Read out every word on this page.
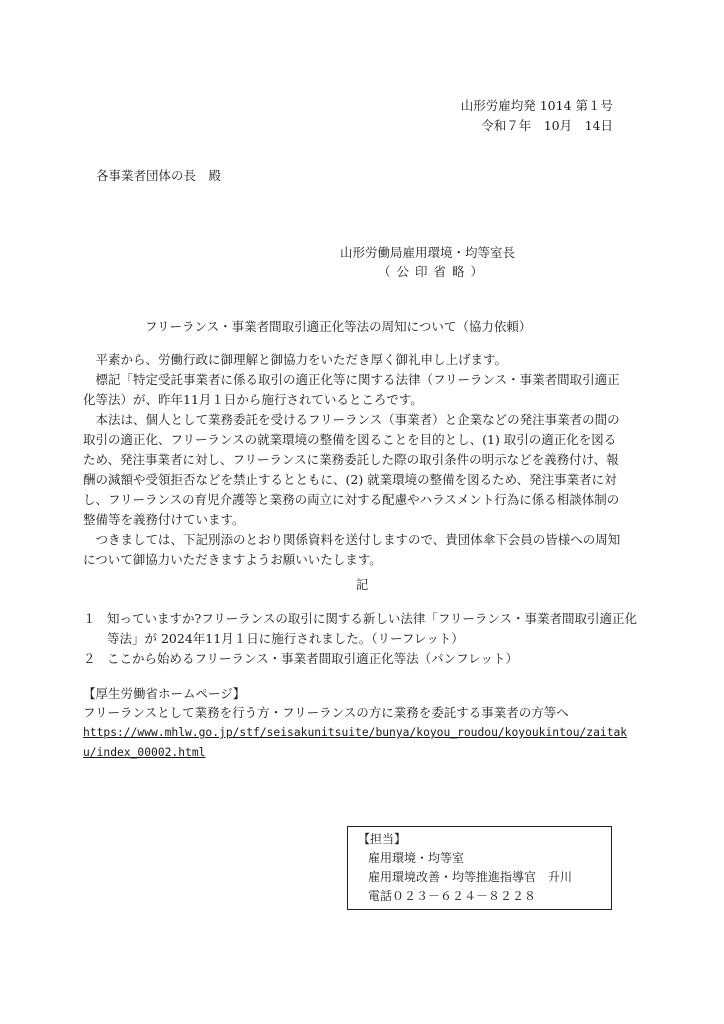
山形労雇均発 1014 第１号
令和７年　10月　14日
各事業者団体の長　殿
山形労働局雇用環境・均等室長
（公印省略）
フリーランス・事業者間取引適正化等法の周知について（協力依頼）

平素から、労働行政に御理解と御協力をいただき厚く御礼申し上げます。

標記「特定受託事業者に係る取引の適正化等に関する法律（フリーランス・事業者間取引適正化等法）が、昨年11月１日から施行されているところです。

本法は、個人として業務委託を受けるフリーランス（事業者）と企業などの発注事業者の間の取引の適正化、フリーランスの就業環境の整備を図ることを目的とし、(1) 取引の適正化を図るため、発注事業者に対し、フリーランスに業務委託した際の取引条件の明示などを義務付け、報酬の減額や受領拒否などを禁止するとともに、(2) 就業環境の整備を図るため、発注事業者に対し、フリーランスの育児介護等と業務の両立に対する配慮やハラスメント行為に係る相談体制の整備等を義務付けています。

つきましては、下記別添のとおり関係資料を送付しますので、貴団体傘下会員の皆様への周知について御協力いただきますようお願いいたします。

記
１ 知っていますか?フリーランスの取引に関する新しい法律「フリーランス・事業者間取引適正化等法」が 2024年11月１日に施行されました。（リーフレット）
２ ここから始めるフリーランス・事業者間取引適正化等法（パンフレット）
【厚生労働省ホームページ】
フリーランスとして業務を行う方・フリーランスの方に業務を委託する事業者の方等へ
https://www.mhlw.go.jp/stf/seisakunitsuite/bunya/koyou_roudou/koyoukintou/zaitaku/index_00002.html
【担当】
雇用環境・均等室
雇用環境改善・均等推進指導官　升川
電話０２３－６２４－８２２８
